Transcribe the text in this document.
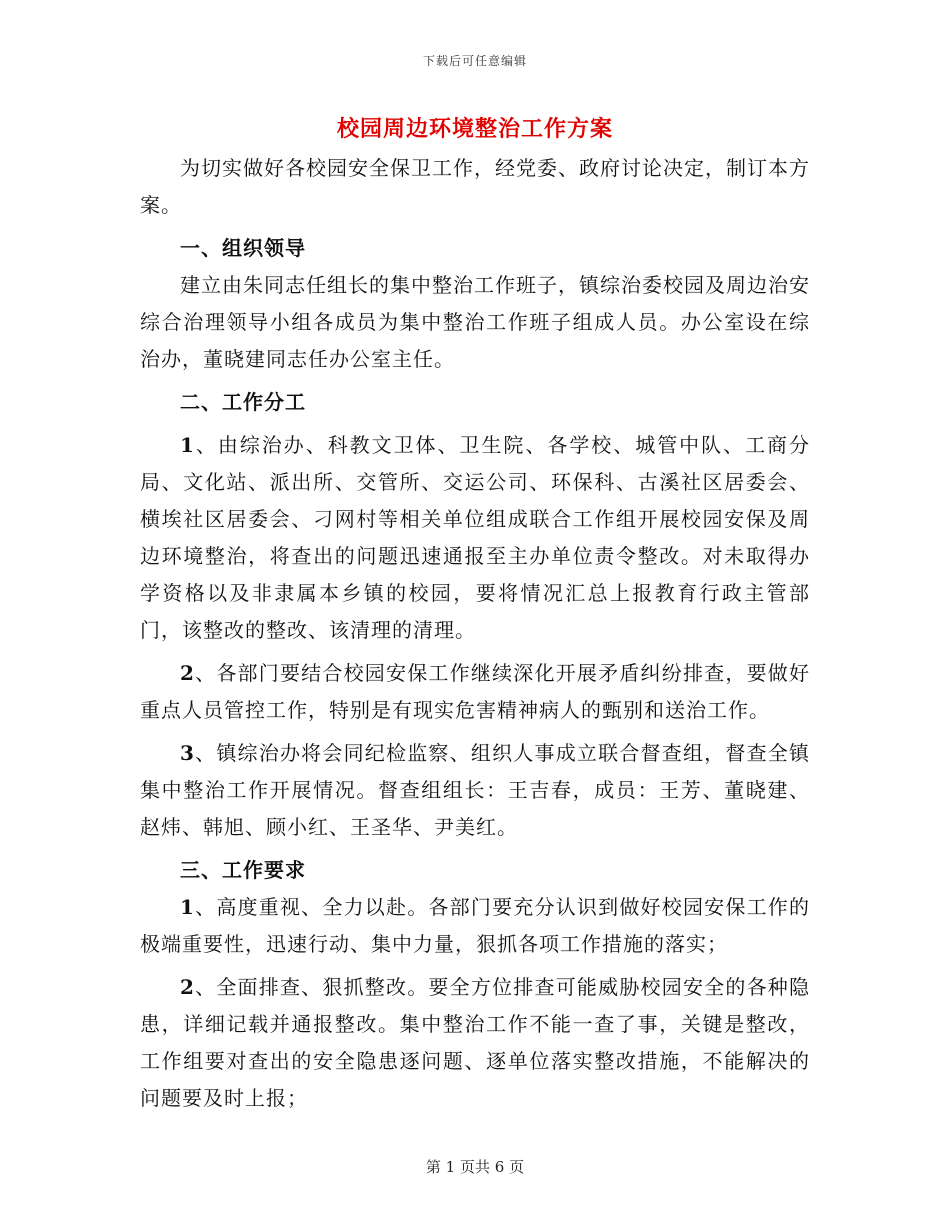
下载后可任意编辑
校园周边环境整治工作方案

为切实做好各校园安全保卫工作，经党委、政府讨论决定，制订本方案。

一、组织领导

建立由朱同志任组长的集中整治工作班子，镇综治委校园及周边治安综合治理领导小组各成员为集中整治工作班子组成人员。办公室设在综治办，董晓建同志任办公室主任。

二、工作分工

1、由综治办、科教文卫体、卫生院、各学校、城管中队、工商分局、文化站、派出所、交管所、交运公司、环保科、古溪社区居委会、横埃社区居委会、刁网村等相关单位组成联合工作组开展校园安保及周边环境整治，将查出的问题迅速通报至主办单位责令整改。对未取得办学资格以及非隶属本乡镇的校园，要将情况汇总上报教育行政主管部门，该整改的整改、该清理的清理。

2、各部门要结合校园安保工作继续深化开展矛盾纠纷排查，要做好重点人员管控工作，特别是有现实危害精神病人的甄别和送治工作。

3、镇综治办将会同纪检监察、组织人事成立联合督查组，督查全镇集中整治工作开展情况。督查组组长：王吉春，成员：王芳、董晓建、赵炜、韩旭、顾小红、王圣华、尹美红。

三、工作要求

1、高度重视、全力以赴。各部门要充分认识到做好校园安保工作的极端重要性，迅速行动、集中力量，狠抓各项工作措施的落实；

2、全面排查、狠抓整改。要全方位排查可能威胁校园安全的各种隐患，详细记载并通报整改。集中整治工作不能一查了事，关键是整改，工作组要对查出的安全隐患逐问题、逐单位落实整改措施，不能解决的问题要及时上报；

第 1 页共 6 页
